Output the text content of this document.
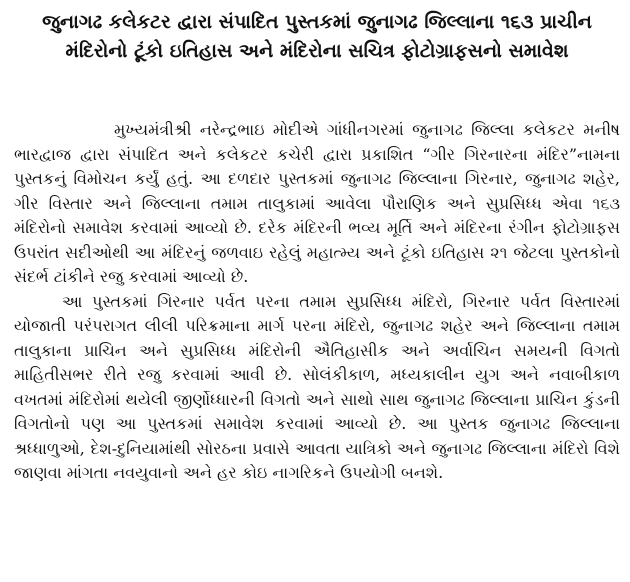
જુનાગઢ કલેકટર દ્વારા સંપાદિત પુસ્તકમાં જુનાગઢ જિલ્લાના ૧૬૩ પ્રાચીન
મંદિરોનો ટૂંકો ઇતિહાસ અને મંદિરોના સચિત્ર ફોટોગ્રાફસનો સમાવેશ

મુખ્યમંત્રીશ્રી નરેન્દ્રભાઇ મોદીએ ગાંધીનગરમાં જુનાગઢ જિલ્લા કલેકટર મનીષ ભારદ્વાજ દ્વારા સંપાદિત અને કલેકટર કચેરી દ્વારા પ્રકાશિત “ગીર ગિરનારના મંદિર”નામના પુસ્તકનું વિમોચન કર્યું હતું. આ દળદાર પુસ્તકમાં જુનાગઢ જિલ્લાના ગિરનાર, જુનાગઢ શહેર, ગીર વિસ્તાર અને જિલ્લાના તમામ તાલુકામાં આવેલા પૌરાણિક અને સુપ્રસિધ્ધ એવા ૧૬૩ મંદિરોનો સમાવેશ કરવામાં આવ્યો છે. દરેક મંદિરની ભવ્ય મૂર્તિ અને મંદિરના રંગીન ફોટોગ્રાફસ ઉપરાંત સદીઓથી આ મંદિરનું જળવાઇ રહેલું મહાત્મ્ય અને ટૂંકો ઇતિહાસ ૨૧ જેટલા પુસ્તકોનો સંદર્ભ ટાંકીને રજુ કરવામાં આવ્યો છે.

આ પુસ્તકમાં ગિરનાર પર્વત પરના તમામ સુપ્રસિધ્ધ મંદિરો, ગિરનાર પર્વત વિસ્તારમાં યોજાતી પરંપરાગત લીલી પરિક્રમાના માર્ગ પરના મંદિરો, જુનાગઢ શહેર અને જિલ્લાના તમામ તાલુકાના પ્રાચિન અને સુપ્રસિધ્ધ મંદિરોની ઐતિહાસીક અને અર્વાચિન સમયની વિગતો માહિતીસભર રીતે રજુ કરવામાં આવી છે. સોલંકીકાળ, મધ્યકાલીન યુગ અને નવાબીકાળ વખતમાં મંદિરોમાં થયેલી જીર્ણોધ્ધારની વિગતો અને સાથો સાથ જુનાગઢ જિલ્લાના પ્રાચિન કુંડની વિગતોનો પણ આ પુસ્તકમાં સમાવેશ કરવામાં આવ્યો છે. આ પુસ્તક જુનાગઢ જિલ્લાના શ્રધ્ધાળુઓ, દેશ-દુનિયામાંથી સોરઠના પ્રવાસે આવતા યાત્રિકો અને જુનાગઢ જિલ્લાના મંદિરો વિશે જાણવા માંગતા નવયુવાનો અને હર કોઇ નાગરિકને ઉપયોગી બનશે.
